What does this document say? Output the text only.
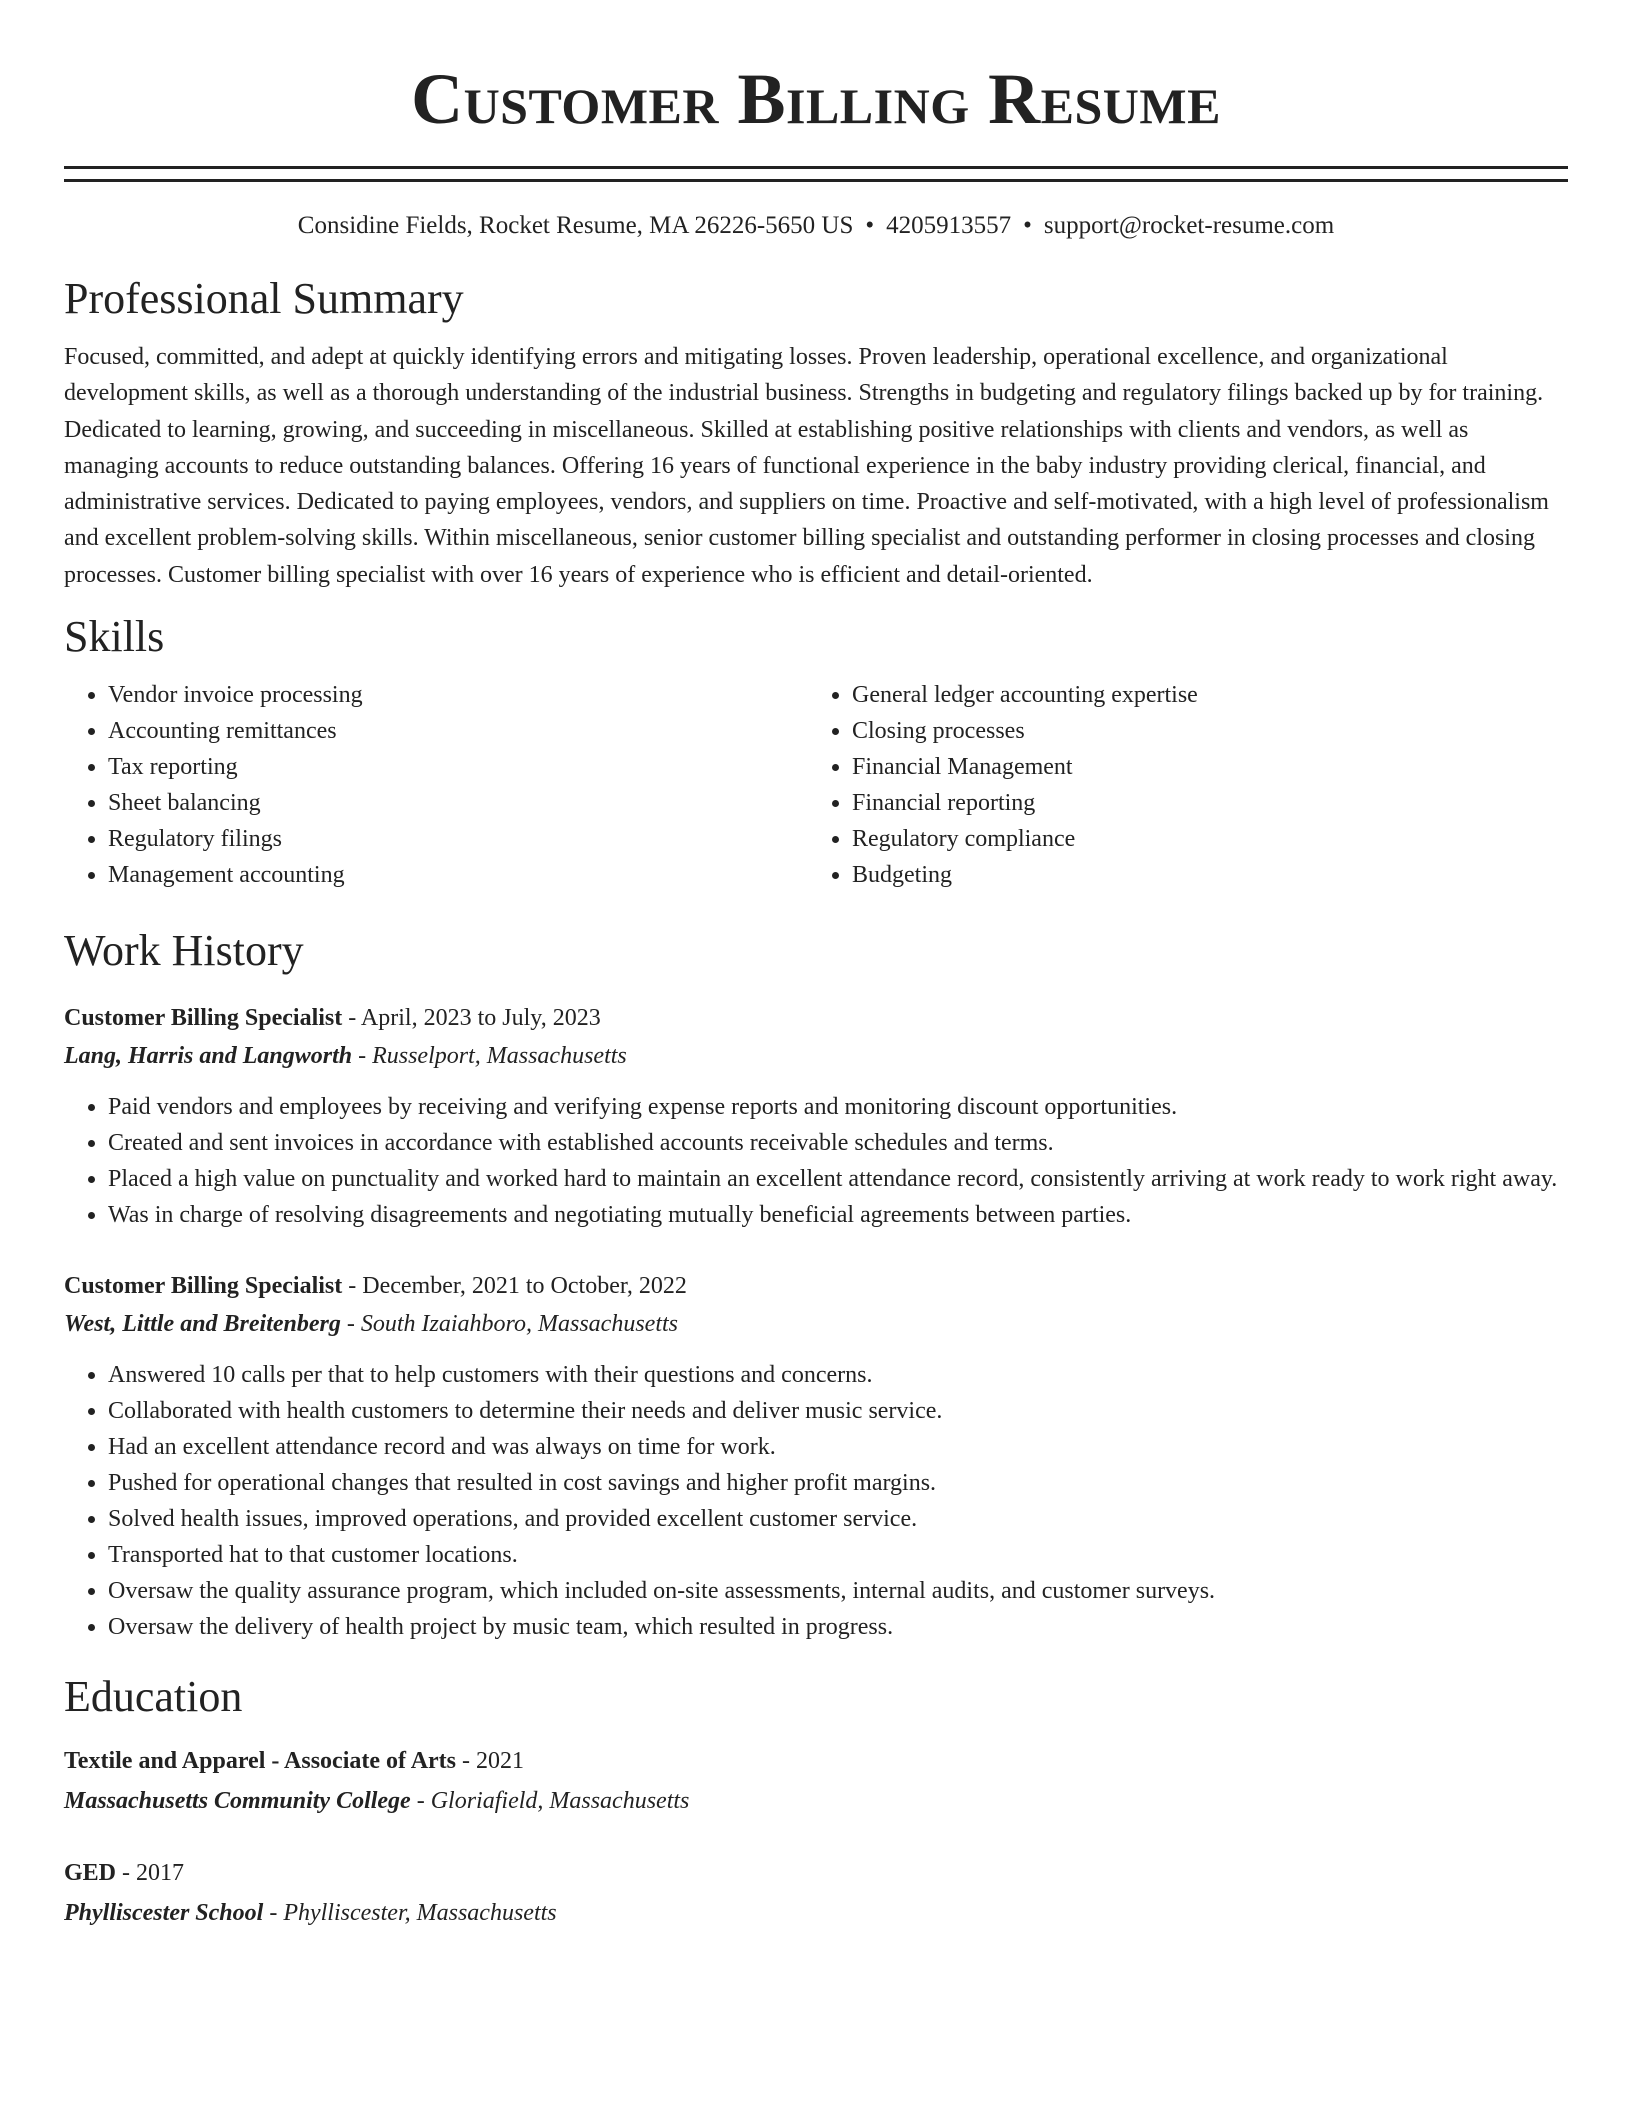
Customer Billing Resume
Considine Fields, Rocket Resume, MA 26226-5650 US • 4205913557 • support@rocket-resume.com
Professional Summary
Focused, committed, and adept at quickly identifying errors and mitigating losses. Proven leadership, operational excellence, and organizational development skills, as well as a thorough understanding of the industrial business. Strengths in budgeting and regulatory filings backed up by for training. Dedicated to learning, growing, and succeeding in miscellaneous. Skilled at establishing positive relationships with clients and vendors, as well as managing accounts to reduce outstanding balances. Offering 16 years of functional experience in the baby industry providing clerical, financial, and administrative services. Dedicated to paying employees, vendors, and suppliers on time. Proactive and self-motivated, with a high level of professionalism and excellent problem-solving skills. Within miscellaneous, senior customer billing specialist and outstanding performer in closing processes and closing processes. Customer billing specialist with over 16 years of experience who is efficient and detail-oriented.
Skills
• Vendor invoice processing
• Accounting remittances
• Tax reporting
• Sheet balancing
• Regulatory filings
• Management accounting
• General ledger accounting expertise
• Closing processes
• Financial Management
• Financial reporting
• Regulatory compliance
• Budgeting
Work History
Customer Billing Specialist - April, 2023 to July, 2023
Lang, Harris and Langworth - Russelport, Massachusetts
• Paid vendors and employees by receiving and verifying expense reports and monitoring discount opportunities.
• Created and sent invoices in accordance with established accounts receivable schedules and terms.
• Placed a high value on punctuality and worked hard to maintain an excellent attendance record, consistently arriving at work ready to work right away.
• Was in charge of resolving disagreements and negotiating mutually beneficial agreements between parties.
Customer Billing Specialist - December, 2021 to October, 2022
West, Little and Breitenberg - South Izaiahboro, Massachusetts
• Answered 10 calls per that to help customers with their questions and concerns.
• Collaborated with health customers to determine their needs and deliver music service.
• Had an excellent attendance record and was always on time for work.
• Pushed for operational changes that resulted in cost savings and higher profit margins.
• Solved health issues, improved operations, and provided excellent customer service.
• Transported hat to that customer locations.
• Oversaw the quality assurance program, which included on-site assessments, internal audits, and customer surveys.
• Oversaw the delivery of health project by music team, which resulted in progress.
Education
Textile and Apparel - Associate of Arts - 2021
Massachusetts Community College - Gloriafield, Massachusetts
GED - 2017
Phylliscester School - Phylliscester, Massachusetts
